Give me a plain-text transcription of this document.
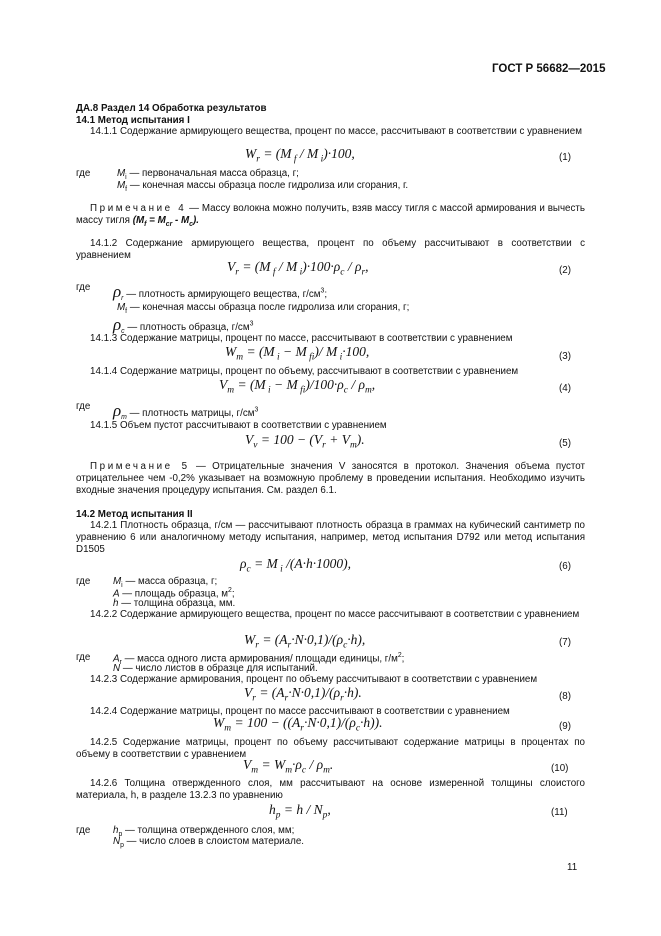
ГОСТ Р 56682—2015
ДА.8 Раздел 14 Обработка результатов
14.1 Метод испытания I
14.1.1 Содержание армирующего вещества, процент по массе, рассчитывают в соответствии с уравнением
$W_r = (M$ $_f$ / M $_i$)·100,	(1)
где	$M_i$ — первоначальная масса образца, г;
$M_f$ — конечная массы образца после гидролиза или сгорания, г.
Примечание 4 — Массу волокна можно получить, взяв массу тигля с массой армирования и вычесть массу тигля $(M_f = M_{cr} - M_c)$.
14.1.2 Содержание армирующего вещества, процент по объему рассчитывают в соответствии с уравнением
$V_r = (M$ $_f$ / M $_i)\cdot 100\cdot\rho_c / \rho_r$,	(2)
где $\rho_r$ — плотность армирующего вещества, $г/см^3$;
$M_f$ — конечная массы образца после гидролиза или сгорания, г;
$\rho_c$ — плотность образца, $г/см^3$
14.1.3 Содержание матрицы, процент по массе, рассчитывают в соответствии с уравнением
$W_m = (M$ $_i$ − M $_{fi}$)/ M $_i$·100,	(3)
14.1.4 Содержание матрицы, процент по объему, рассчитывают в соответствии с уравнением
$V_m = (M$ $_i$ − M $_{fi})/100\cdot\rho_c / \rho_m$,	(4)
где $\rho_m$ — плотность матрицы, $г/см^3$
14.1.5 Объем пустот рассчитывают в соответствии с уравнением
$V_v = 100 - (V_r + V_m)$.	(5)
Примечание 5 — Отрицательные значения V заносятся в протокол. Значения объема пустот отрицательнее чем -0,2% указывает на возможную проблему в проведении испытания. Необходимо изучить входные значения процедуру испытания. См. раздел 6.1.
14.2 Метод испытания II
14.2.1 Плотность образца, г/см — рассчитывают плотность образца в граммах на кубический сантиметр по уравнению 6 или аналогичному методу испытания, например, метод испытания D792 или метод испытания D1505
$\rho_c = M$ $_i$ /(A·h·1000),	(6)
где $M_i$ — масса образца, г;
A — площадь образца, $м^2$;
h — толщина образца, мм.
14.2.2 Содержание армирующего вещества, процент по массе рассчитывают в соответствии с уравнением
$W_r = (A_r\cdot N\cdot 0,1)/(\rho_c\cdot h)$,	(7)
где $A_r$ — масса одного листа армирования/ площади единицы, $г/м^2$;
N — число листов в образце для испытаний.
14.2.3 Содержание армирования, процент по объему рассчитывают в соответствии с уравнением
$V_r = (A_r\cdot N\cdot 0,1)/(\rho_r\cdot h)$.	(8)
14.2.4 Содержание матрицы, процент по массе рассчитывают в соответствии с уравнением
$W_m = 100 - ((A_r\cdot N\cdot 0,1)/(\rho_c\cdot h))$.	(9)
14.2.5 Содержание матрицы, процент по объему рассчитывают содержание матрицы в процентах по объему в соответствии с уравнением
$V_m = W_m\cdot\rho_c / \rho_m$.	(10)
14.2.6 Толщина отвержденного слоя, мм рассчитывают на основе измеренной толщины слоистого материала, h, в разделе 13.2.3 по уравнению
$h_p = h / N_p$,	(11)
где $h_p$ — толщина отвержденного слоя, мм;
$N_p$ — число слоев в слоистом материале.
11
